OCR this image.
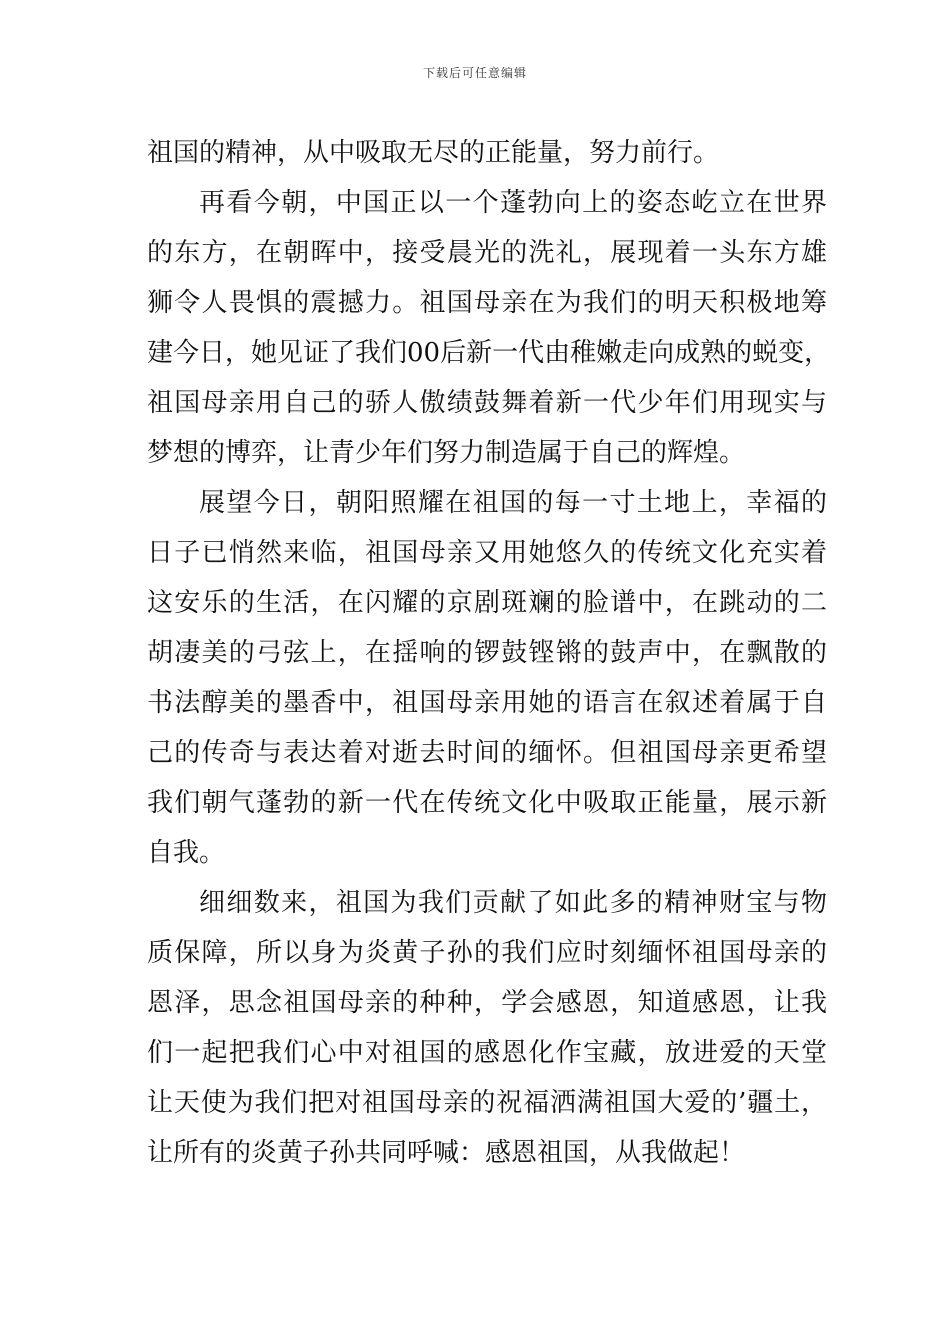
下载后可任意编辑
祖国的精神，从中吸取无尽的正能量，努力前行。
再看今朝，中国正以一个蓬勃向上的姿态屹立在世界
的东方，在朝晖中，接受晨光的洗礼，展现着一头东方雄
狮令人畏惧的震撼力。祖国母亲在为我们的明天积极地筹
建今日，她见证了我们00后新一代由稚嫩走向成熟的蜕变，
祖国母亲用自己的骄人傲绩鼓舞着新一代少年们用现实与
梦想的博弈，让青少年们努力制造属于自己的辉煌。
展望今日，朝阳照耀在祖国的每一寸土地上，幸福的
日子已悄然来临，祖国母亲又用她悠久的传统文化充实着
这安乐的生活，在闪耀的京剧斑斓的脸谱中，在跳动的二
胡凄美的弓弦上，在揺响的锣鼓铿锵的鼓声中，在飘散的
书法醇美的墨香中，祖国母亲用她的语言在叙述着属于自
己的传奇与表达着对逝去时间的缅怀。但祖国母亲更希望
我们朝气蓬勃的新一代在传统文化中吸取正能量，展示新
自我。
细细数来，祖国为我们贡献了如此多的精神财宝与物
质保障，所以身为炎黄子孙的我们应时刻缅怀祖国母亲的
恩泽，思念祖国母亲的种种，学会感恩，知道感恩，让我
们一起把我们心中对祖国的感恩化作宝藏，放进爱的天堂
让天使为我们把对祖国母亲的祝福洒满祖国大爱的’疆土，
让所有的炎黄子孙共同呼喊：感恩祖国，从我做起！
